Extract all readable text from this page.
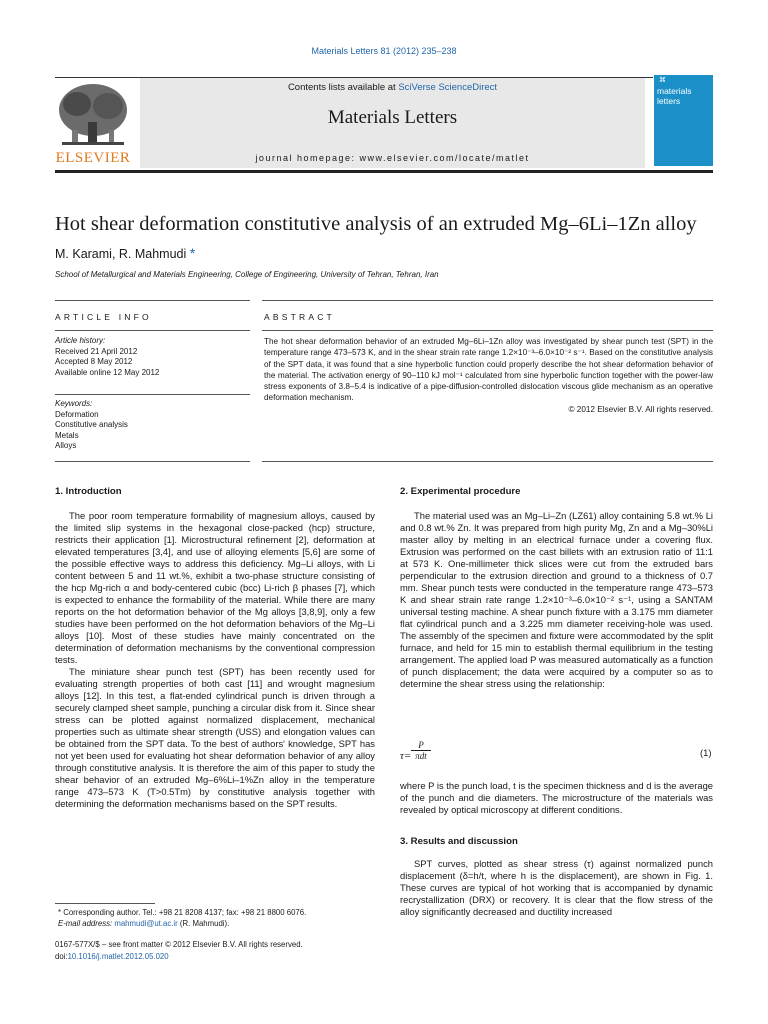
Materials Letters 81 (2012) 235–238
Contents lists available at SciVerse ScienceDirect
Materials Letters
journal homepage: www.elsevier.com/locate/matlet
ELSEVIER
⌘
materials letters
Hot shear deformation constitutive analysis of an extruded Mg–6Li–1Zn alloy
M. Karami, R. Mahmudi *
School of Metallurgical and Materials Engineering, College of Engineering, University of Tehran, Tehran, Iran
ARTICLE INFO	ABSTRACT
Article history:
Received 21 April 2012
Accepted 8 May 2012
Available online 12 May 2012
Keywords:
Deformation
Constitutive analysis
Metals
Alloys
The hot shear deformation behavior of an extruded Mg–6Li–1Zn alloy was investigated by shear punch test (SPT) in the temperature range 473–573 K, and in the shear strain rate range 1.2×10⁻³–6.0×10⁻² s⁻¹. Based on the constitutive analysis of the SPT data, it was found that a sine hyperbolic function could properly describe the hot shear deformation behavior of the material. The activation energy of 90–110 kJ mol⁻¹ calculated from sine hyperbolic function together with the power-law stress exponents of 3.8–5.4 is indicative of a pipe-diffusion-controlled dislocation viscous glide mechanism as an operative deformation mechanism.
© 2012 Elsevier B.V. All rights reserved.
1. Introduction

The poor room temperature formability of magnesium alloys, caused by the limited slip systems in the hexagonal close-packed (hcp) structure, restricts their application [1]. Microstructural refinement [2], deformation at elevated temperatures [3,4], and use of alloying elements [5,6] are some of the possible effective ways to address this deficiency. Mg–Li alloys, with Li content between 5 and 11 wt.%, exhibit a two-phase structure consisting of the hcp Mg-rich α and body-centered cubic (bcc) Li-rich β phases [7], which is expected to enhance the formability of the material. While there are many reports on the hot deformation behavior of the Mg alloys [3,8,9], only a few studies have been performed on the hot deformation behaviors of the Mg–Li alloys [10]. Most of these studies have mainly concentrated on the determination of deformation mechanisms by the conventional compression tests.

The miniature shear punch test (SPT) has been recently used for evaluating strength properties of both cast [11] and wrought magnesium alloys [12]. In this test, a flat-ended cylindrical punch is driven through a securely clamped sheet sample, punching a circular disk from it. Since shear stress can be plotted against normalized displacement, mechanical properties such as ultimate shear strength (USS) and elongation values can be obtained from the SPT data. To the best of authors' knowledge, SPT has not yet been used for evaluating hot shear deformation behavior of any alloy through constitutive analysis. It is therefore the aim of this paper to study the shear behavior of an extruded Mg–6%Li–1%Zn alloy in the temperature range 473–573 K (T>0.5Tm) by constitutive analysis together with determining the deformation mechanisms based on the SPT results.

2. Experimental procedure

The material used was an Mg–Li–Zn (LZ61) alloy containing 5.8 wt.% Li and 0.8 wt.% Zn. It was prepared from high purity Mg, Zn and a Mg–30%Li master alloy by melting in an electrical furnace under a covering flux. Extrusion was performed on the cast billets with an extrusion ratio of 11:1 at 573 K. One-millimeter thick slices were cut from the extruded bars perpendicular to the extrusion direction and ground to a thickness of 0.7 mm. Shear punch tests were conducted in the temperature range 473–573 K and shear strain rate range 1.2×10⁻³–6.0×10⁻² s⁻¹, using a SANTAM universal testing machine. A shear punch fixture with a 3.175 mm diameter flat cylindrical punch and a 3.225 mm diameter receiving-hole was used. The assembly of the specimen and fixture were accommodated by the split furnace, and held for 15 min to establish thermal equilibrium in the testing arrangement. The applied load P was measured automatically as a function of punch displacement; the data were acquired by a computer so as to determine the shear stress using the relationship:

τ=
P
πdt	(1)

where P is the punch load, t is the specimen thickness and d is the average of the punch and die diameters. The microstructure of the materials was revealed by optical microscopy at different conditions.

3. Results and discussion

SPT curves, plotted as shear stress (τ) against normalized punch displacement (δ=h/t, where h is the displacement), are shown in Fig. 1. These curves are typical of hot working that is accompanied by dynamic recrystallization (DRX) or recovery. It is clear that the flow stress of the alloy significantly decreased and ductility increased

* Corresponding author. Tel.: +98 21 8208 4137; fax: +98 21 8800 6076.
E-mail address: mahmudi@ut.ac.ir (R. Mahmudi).
0167-577X/$ – see front matter © 2012 Elsevier B.V. All rights reserved.
doi:10.1016/j.matlet.2012.05.020
